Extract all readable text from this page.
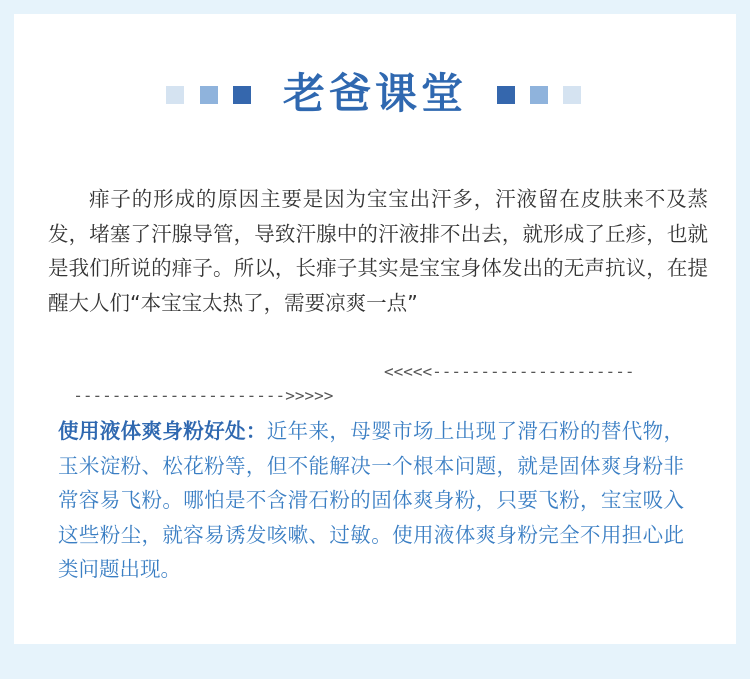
老爸课堂

痱子的形成的原因主要是因为宝宝出汗多，汗液留在皮肤来不及蒸发，堵塞了汗腺导管，导致汗腺中的汗液排不出去，就形成了丘疹，也就是我们所说的痱子。所以，长痱子其实是宝宝身体发出的无声抗议，在提醒大人们“本宝宝太热了，需要凉爽一点”

---------------------->>>>>

<<<<<---------------------

使用液体爽身粉好处：近年来，母婴市场上出现了滑石粉的替代物，玉米淀粉、松花粉等，但不能解决一个根本问题，就是固体爽身粉非常容易飞粉。哪怕是不含滑石粉的固体爽身粉，只要飞粉，宝宝吸入这些粉尘，就容易诱发咳嗽、过敏。使用液体爽身粉完全不用担心此类问题出现。
